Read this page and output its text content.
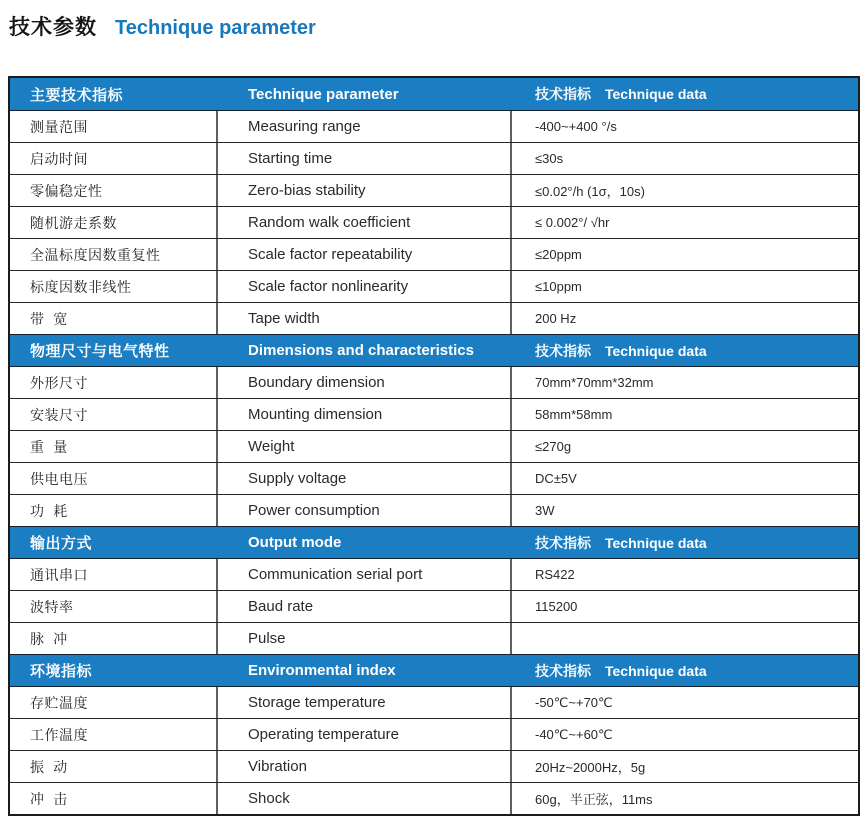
技术参数 Technique parameter
主要技术指标	Technique parameter	技术指标 Technique data
测量范围	Measuring range	-400~+400 °/s
启动时间	Starting time	≤30s
零偏稳定性	Zero-bias stability	≤0.02°/h (1σ，10s)
随机游走系数	Random walk coefficient	≤ 0.002°/ √hr
全温标度因数重复性	Scale factor repeatability	≤20ppm
标度因数非线性	Scale factor nonlinearity	≤10ppm
带  宽	Tape width	200 Hz
物理尺寸与电气特性	Dimensions and characteristics	技术指标 Technique data
外形尺寸	Boundary dimension	70mm*70mm*32mm
安装尺寸	Mounting dimension	58mm*58mm
重  量	Weight	≤270g
供电电压	Supply voltage	DC±5V
功  耗	Power consumption	3W
输出方式	Output mode	技术指标 Technique data
通讯串口	Communication serial port	RS422
波特率	Baud rate	115200
脉  冲	Pulse
环境指标	Environmental index	技术指标 Technique data
存贮温度	Storage temperature	-50℃~+70℃
工作温度	Operating temperature	-40℃~+60℃
振  动	Vibration	20Hz~2000Hz，5g
冲  击	Shock	60g，半正弦，11ms
